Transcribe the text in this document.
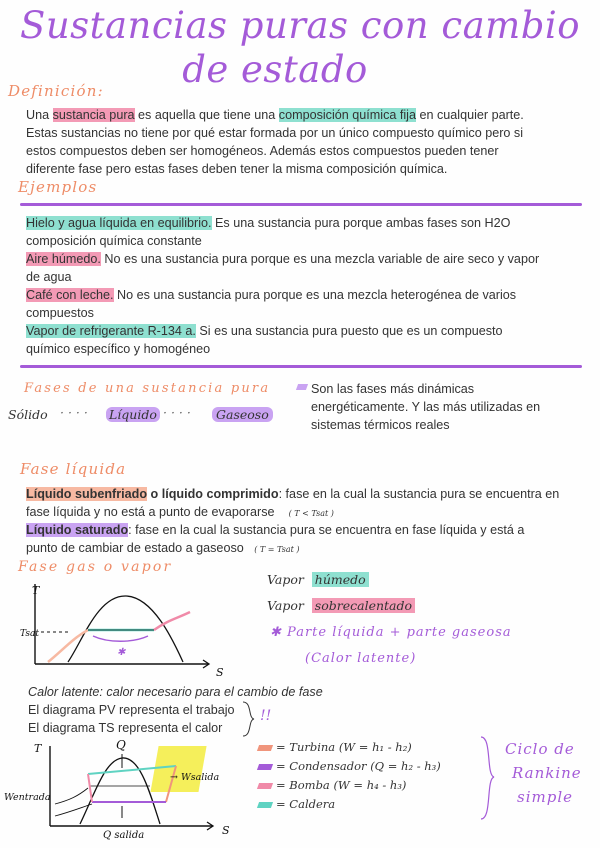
Sustancias puras con cambio
de estado
Definición:
Una sustancia pura es aquella que tiene una composición química fija en cualquier parte.
Estas sustancias no tiene por qué estar formada por un único compuesto químico pero si
estos compuestos deben ser homogéneos. Además estos compuestos pueden tener
diferente fase pero estas fases deben tener la misma composición química.
Ejemplos
Hielo y agua líquida en equilibrio. Es una sustancia pura porque ambas fases son H2O
composición química constante
Aire húmedo. No es una sustancia pura porque es una mezcla variable de aire seco y vapor
de agua
Café con leche. No es una sustancia pura porque es una mezcla heterogénea de varios
compuestos
Vapor de refrigerante R-134 a. Si es una sustancia pura puesto que es un compuesto
químico específico y homogéneo
Fases de una sustancia pura
Sólido · · · · Líquido · · · ·	Gaseoso
Son las fases más dinámicas
energéticamente. Y las más utilizadas en
sistemas térmicos reales
Fase líquida
Líquido subenfriado o líquido comprimido: fase en la cual la sustancia pura se encuentra en
fase líquida y no está a punto de evaporarse ( T < Tsat )
Líquido saturado: fase en la cual la sustancia pura se encuentra en fase líquida y está a
punto de cambiar de estado a gaseoso ( T = Tsat )
Fase gas o vapor
T
S
Tsat
✱
Vapor húmedo
Vapor sobrecalentado
✱ Parte líquida + parte gaseosa
(Calor latente)
Calor latente: calor necesario para el cambio de fase
El diagrama PV representa el trabajo
El diagrama TS representa el calor
!!
T
S
Q
→ Wsalida
Wentrada
Q salida
= Turbina (W = h₁ - h₂)
= Condensador (Q = h₂ - h₃)
= Bomba (W = h₄ - h₃)
= Caldera
Ciclo de
Rankine
simple
